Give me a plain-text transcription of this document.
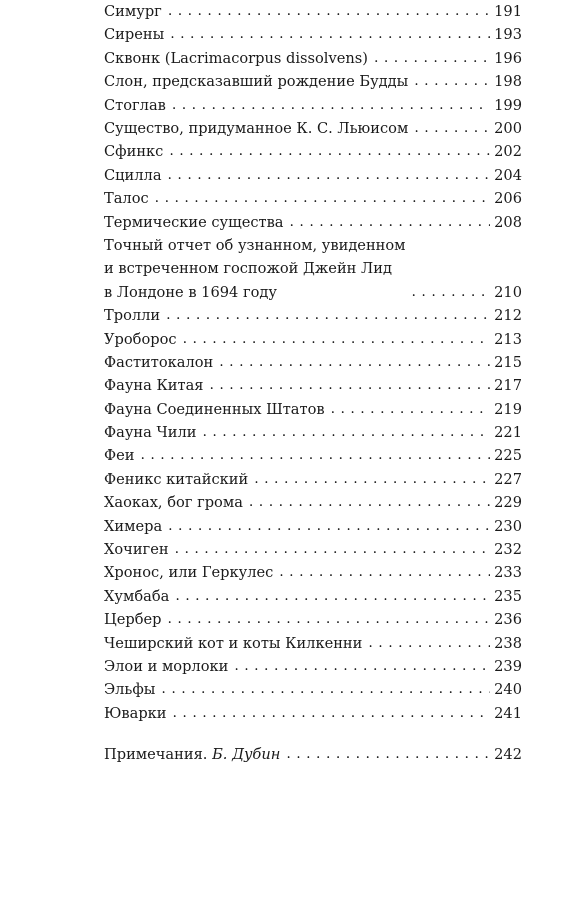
Симург . . .	191
Сирены . . .	193
Сквонк (Lacrimacorpus dissolvens) . . .	196
Слон, предсказавший рождение Будды . . .	198
Стоглав . . .	199
Существо, придуманное К. С. Льюисом . . .	200
Сфинкс . . .	202
Сцилла . . .	204
Талос . . .	206
Термические существа . . .	208
Точный отчет об узнанном, увиденном
и встреченном госпожой Джейн Лид
в Лондоне в 1694 году . . .	210
Тролли . . .	212
Уроборос . . .	213
Фаститокалон . . .	215
Фауна Китая . . .	217
Фауна Соединенных Штатов . . .	219
Фауна Чили . . .	221
Феи . . .	225
Феникс китайский . . .	227
Хаоках, бог грома . . .	229
Химера . . .	230
Хочиген . . .	232
Хронос, или Геркулес . . .	233
Хумбаба . . .	235
Цербер . . .	236
Чеширский кот и коты Килкенни . . .	238
Элои и морлоки . . .	239
Эльфы . . .	240
Юварки . . .	241
Примечания. Б. Дубин . . .	242
